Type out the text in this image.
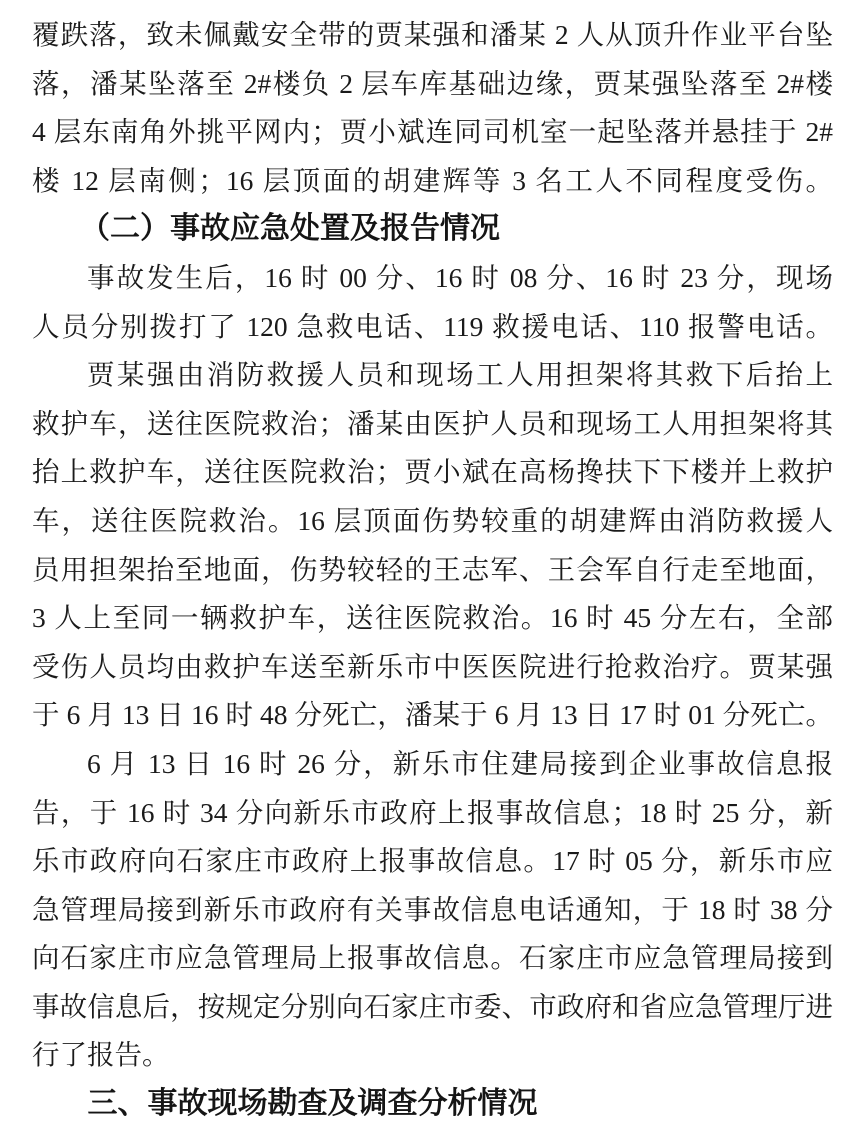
覆跌落，致未佩戴安全带的贾某强和潘某 2 人从顶升作业平台坠
落，潘某坠落至 2#楼负 2 层车库基础边缘，贾某强坠落至 2#楼
4 层东南角外挑平网内；贾小斌连同司机室一起坠落并悬挂于 2#
楼 12 层南侧；16 层顶面的胡建辉等 3 名工人不同程度受伤。
（二）事故应急处置及报告情况
事故发生后，16 时 00 分、16 时 08 分、16 时 23 分，现场
人员分别拨打了 120 急救电话、119 救援电话、110 报警电话。
贾某强由消防救援人员和现场工人用担架将其救下后抬上
救护车，送往医院救治；潘某由医护人员和现场工人用担架将其
抬上救护车，送往医院救治；贾小斌在高杨搀扶下下楼并上救护
车，送往医院救治。16 层顶面伤势较重的胡建辉由消防救援人
员用担架抬至地面，伤势较轻的王志军、王会军自行走至地面，
3 人上至同一辆救护车，送往医院救治。16 时 45 分左右，全部
受伤人员均由救护车送至新乐市中医医院进行抢救治疗。贾某强
于 6 月 13 日 16 时 48 分死亡，潘某于 6 月 13 日 17 时 01 分死亡。
6 月 13 日 16 时 26 分，新乐市住建局接到企业事故信息报
告，于 16 时 34 分向新乐市政府上报事故信息；18 时 25 分，新
乐市政府向石家庄市政府上报事故信息。17 时 05 分，新乐市应
急管理局接到新乐市政府有关事故信息电话通知，于 18 时 38 分
向石家庄市应急管理局上报事故信息。石家庄市应急管理局接到
事故信息后，按规定分别向石家庄市委、市政府和省应急管理厅进
行了报告。
三、事故现场勘查及调查分析情况
